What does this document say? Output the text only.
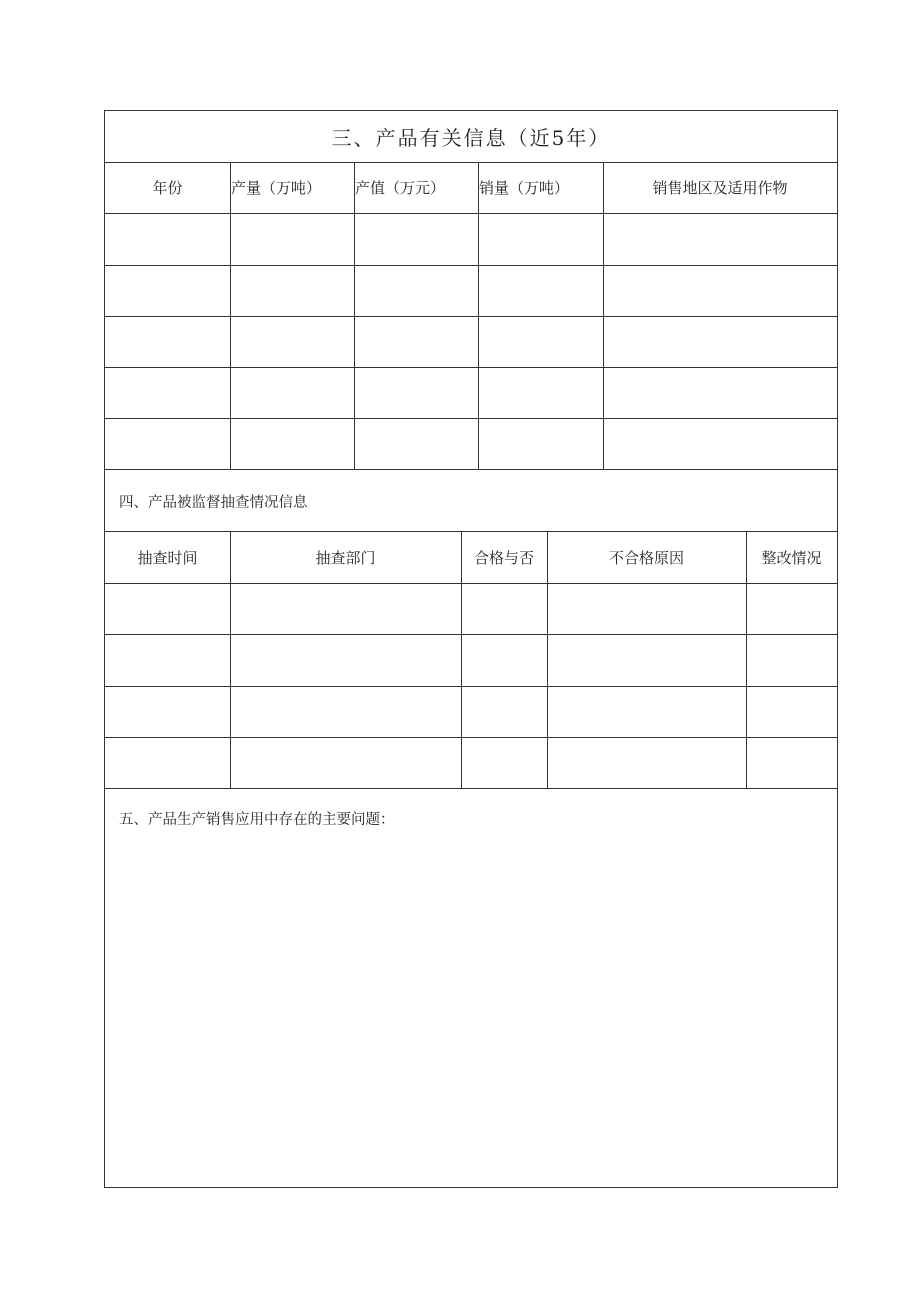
三、产品有关信息（近5年）
年份	产量（万吨）	产值（万元）	销量（万吨）	销售地区及适用作物
四、产品被监督抽查情况信息
抽查时间	抽查部门	合格与否	不合格原因	整改情况
五、产品生产销售应用中存在的主要问题：
